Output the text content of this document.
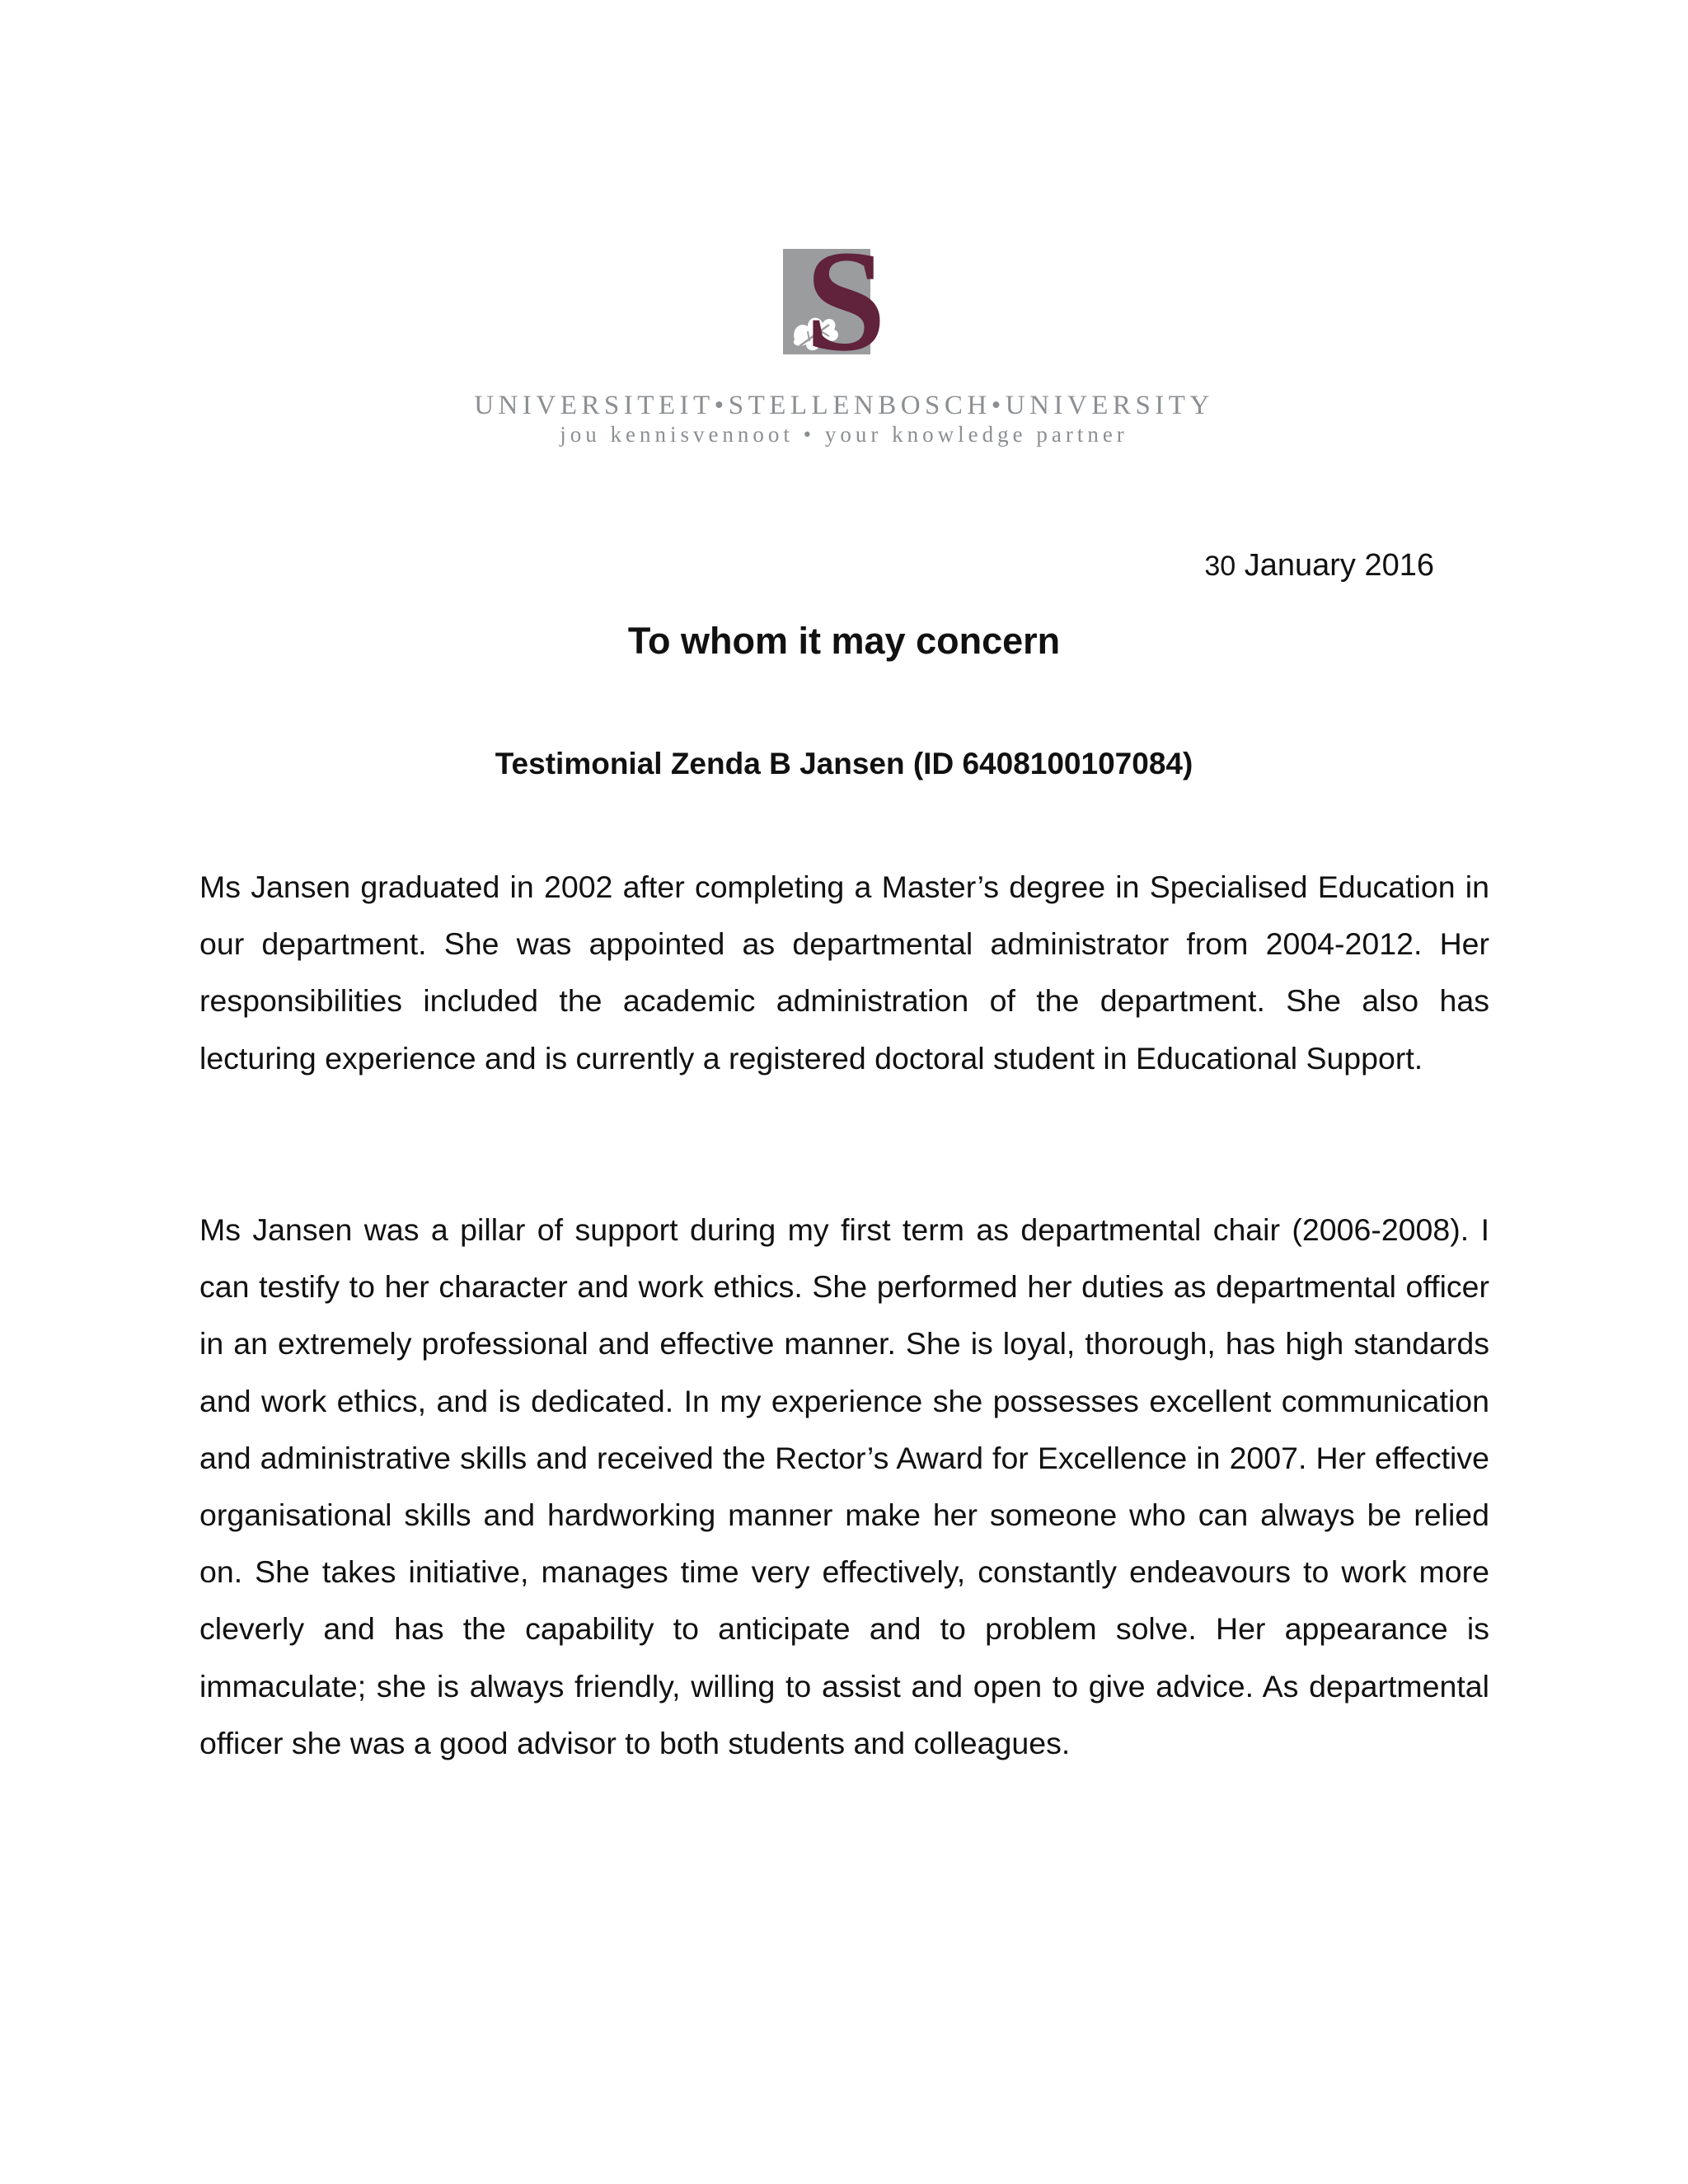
S
UNIVERSITEIT•STELLENBOSCH•UNIVERSITY
jou kennisvennoot • your knowledge partner
30 January 2016
To whom it may concern
Testimonial Zenda B Jansen (ID 6408100107084)

Ms Jansen graduated in 2002 after completing a Master’s degree in Specialised Education in our department. She was appointed as departmental administrator from 2004-2012. Her responsibilities included the academic administration of the department. She also has lecturing experience and is currently a registered doctoral student in Educational Support.

Ms Jansen was a pillar of support during my first term as departmental chair (2006-2008). I can testify to her character and work ethics. She performed her duties as departmental officer in an extremely professional and effective manner. She is loyal, thorough, has high standards and work ethics, and is dedicated. In my experience she possesses excellent communication and administrative skills and received the Rector’s Award for Excellence in 2007. Her effective organisational skills and hardworking manner make her someone who can always be relied on. She takes initiative, manages time very effectively, constantly endeavours to work more cleverly and has the capability to anticipate and to problem solve. Her appearance is immaculate; she is always friendly, willing to assist and open to give advice. As departmental officer she was a good advisor to both students and colleagues.
